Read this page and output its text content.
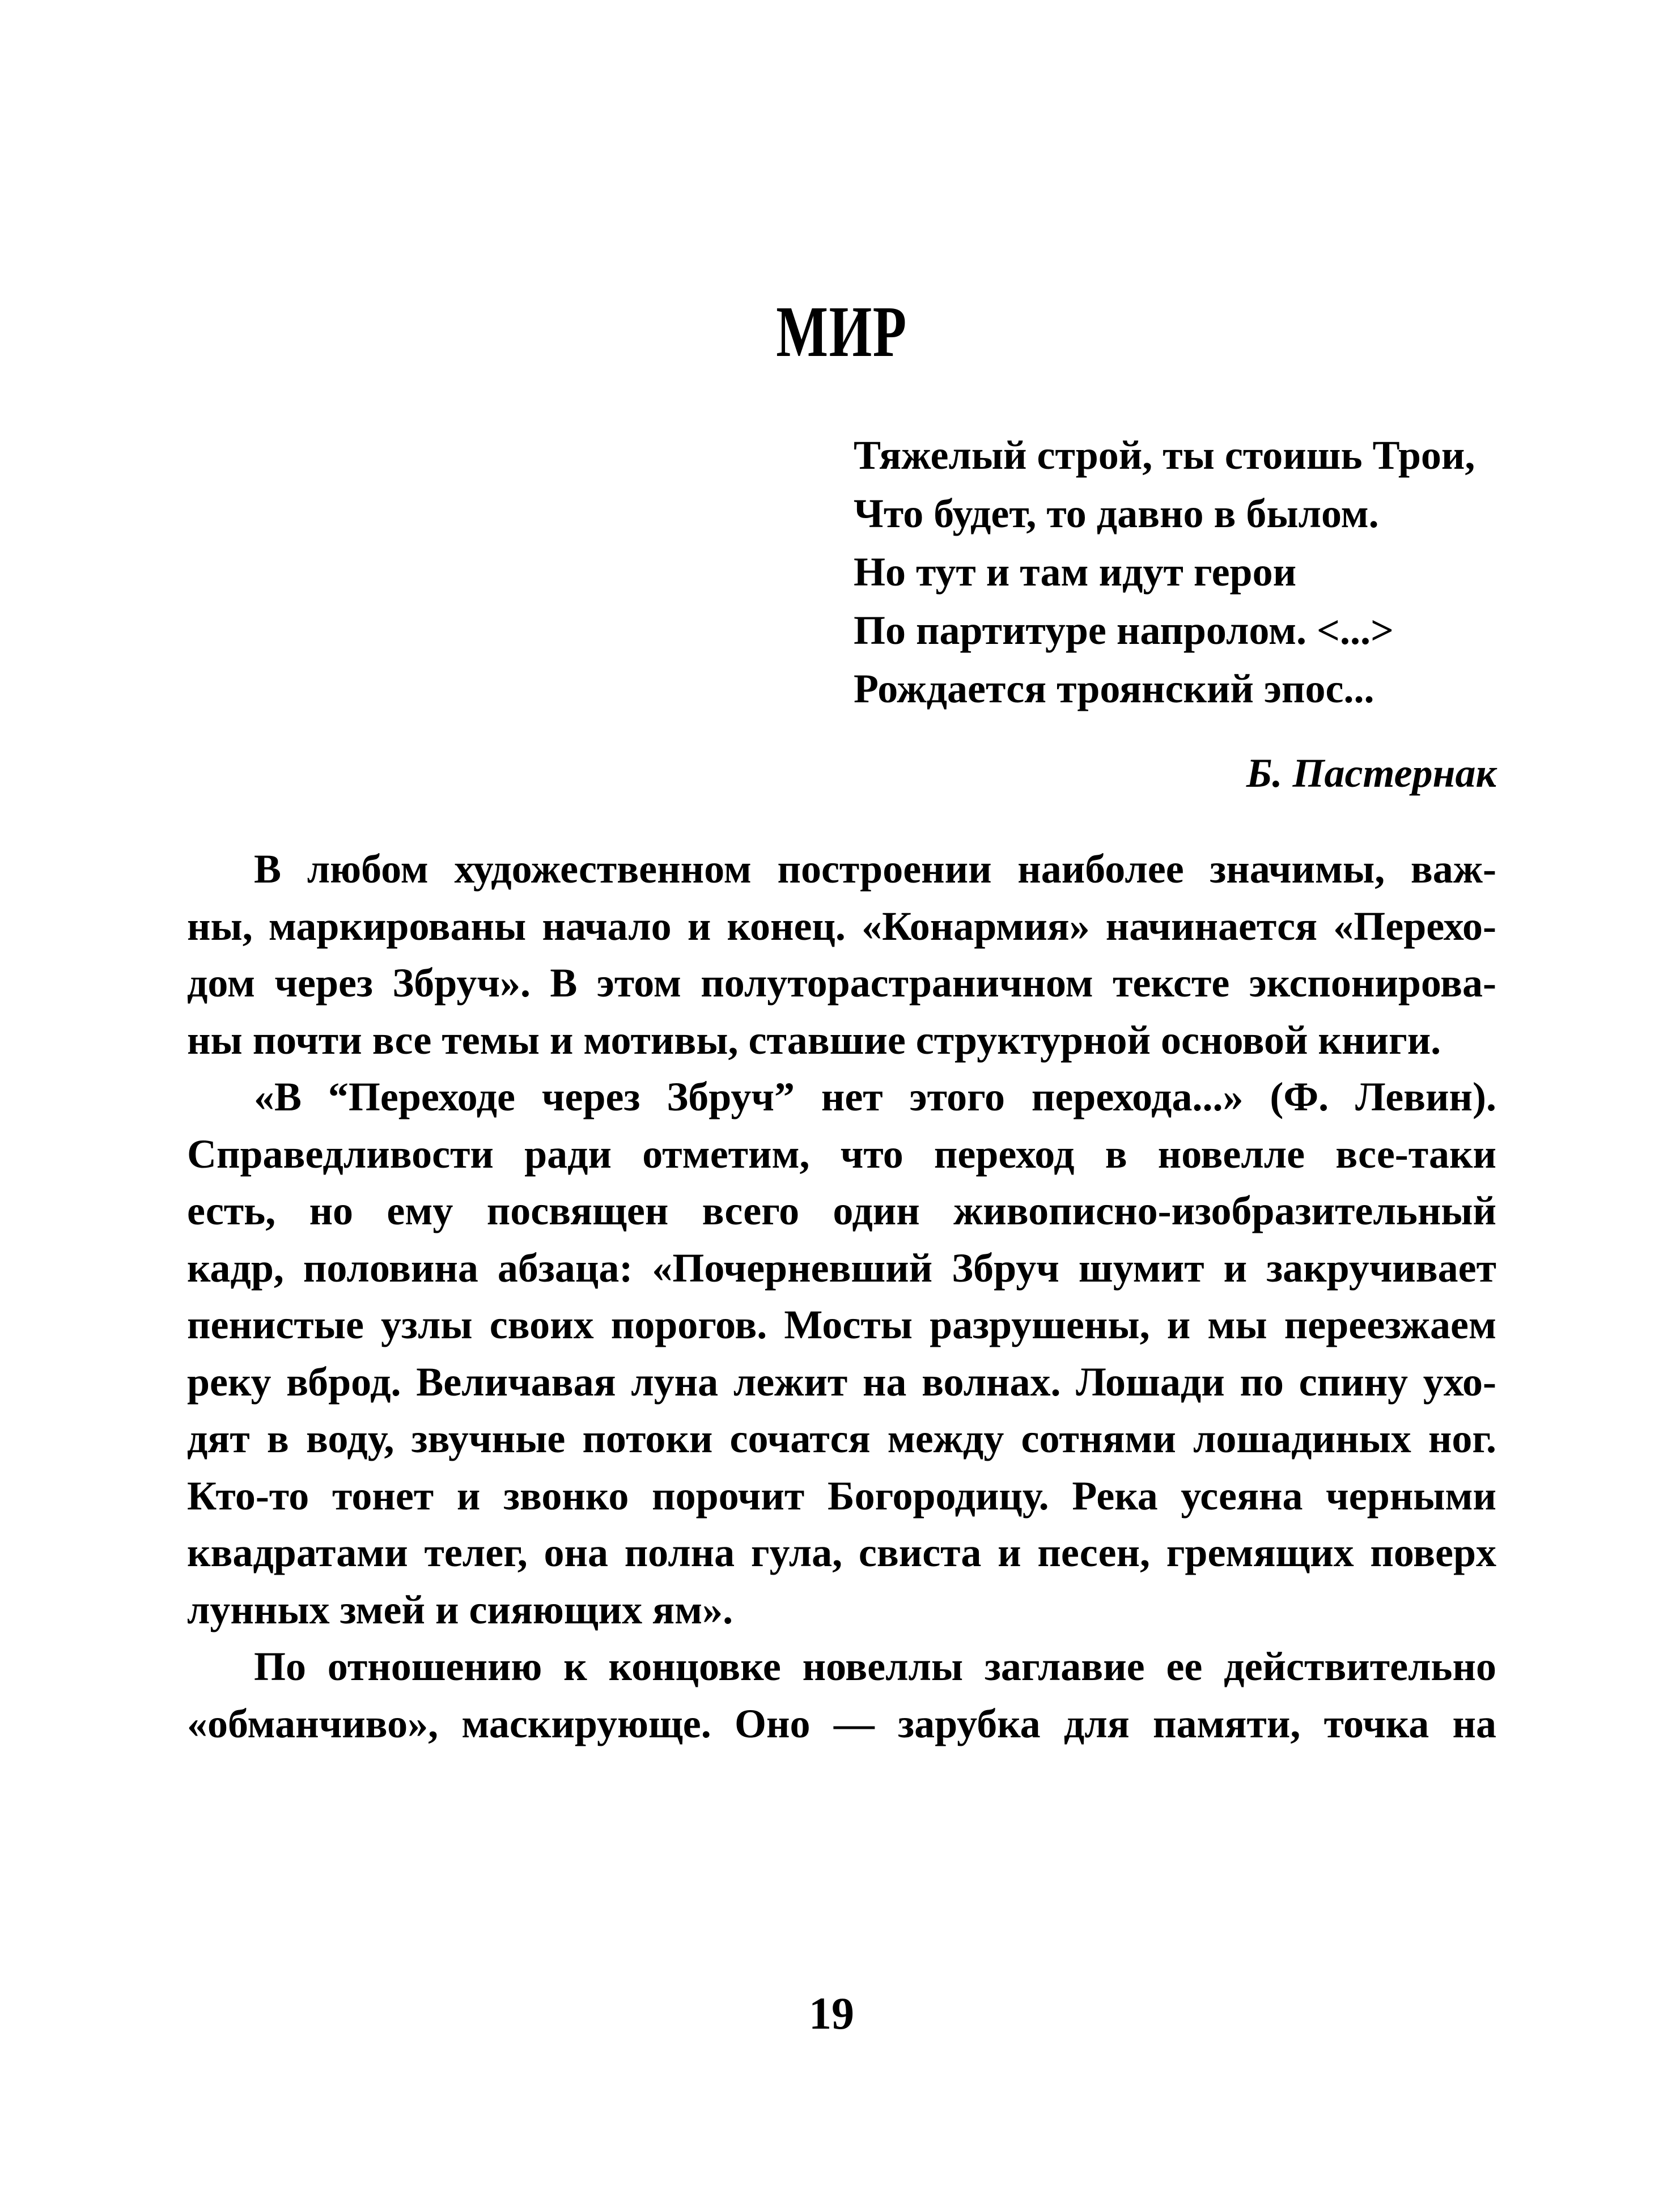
МИР
Тяжелый строй, ты стоишь Трои,
Что будет, то давно в былом.
Но тут и там идут герои
По партитуре напролом. <...>
Рождается троянский эпос...
Б. Пастернак
В любом художественном построении наиболее значимы, важ-
ны, маркированы начало и конец. «Конармия» начинается «Перехо-
дом через Збруч». В этом полуторастраничном тексте экспонирова-
ны почти все темы и мотивы, ставшие структурной основой книги.
«В “Переходе через Збруч” нет этого перехода...» (Ф. Левин).
Справедливости ради отметим, что переход в новелле все-таки
есть, но ему посвящен всего один живописно-изобразительный
кадр, половина абзаца: «Почерневший Збруч шумит и закручивает
пенистые узлы своих порогов. Мосты разрушены, и мы переезжаем
реку вброд. Величавая луна лежит на волнах. Лошади по спину ухо-
дят в воду, звучные потоки сочатся между сотнями лошадиных ног.
Кто-то тонет и звонко порочит Богородицу. Река усеяна черными
квадратами телег, она полна гула, свиста и песен, гремящих поверх
лунных змей и сияющих ям».
По отношению к концовке новеллы заглавие ее действительно
«обманчиво», маскирующе. Оно — зарубка для памяти, точка на
19
